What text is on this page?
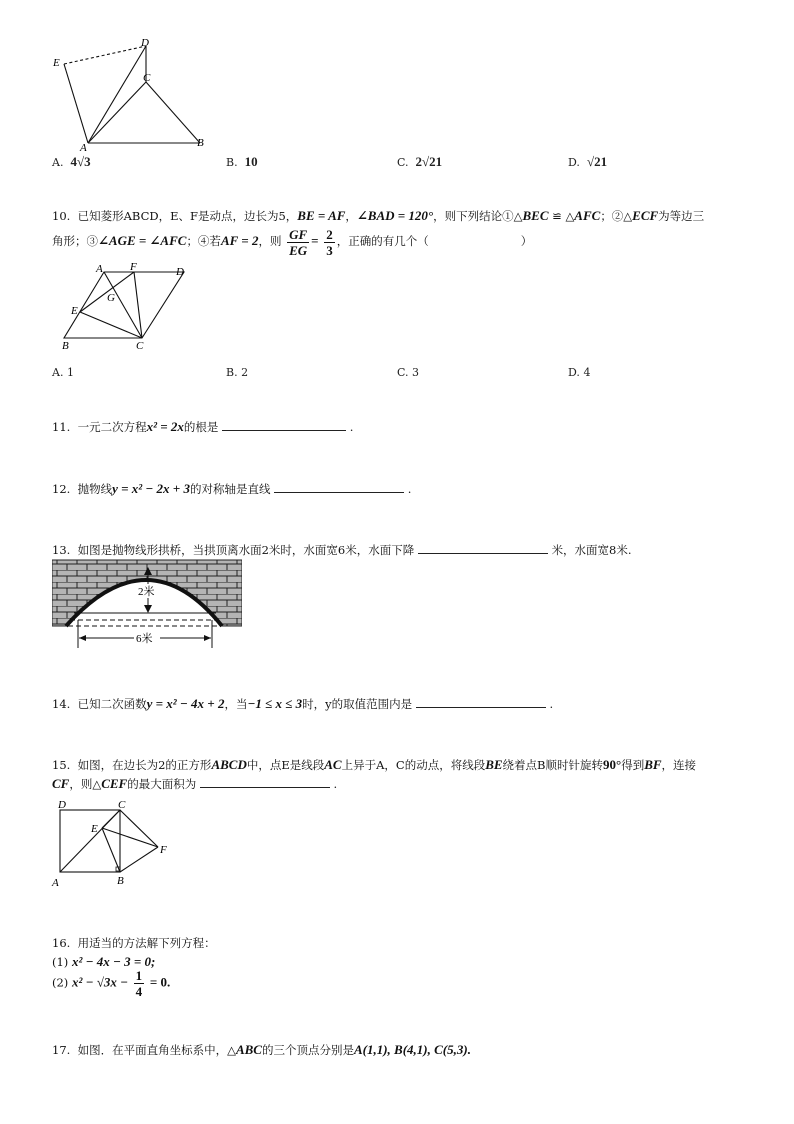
E
D
C
A	B
A. 4√3	B. 10	C. 2√21	D. √21
10. 已知菱形ABCD，E、F是动点，边长为5，BE = AF，∠BAD = 120°，则下列结论①△BEC ≌ △AFC；②△ECF为等边三
角形；③∠AGE = ∠AFC；④若AF = 2，则 $\frac{GF}{EG} = \frac{2}{3}$ ，正确的有几个（	）
A F	D
G
E
B	C
A. 1	B. 2	C. 3	D. 4
11. 一元二次方程x² = 2x的根是	.
12. 抛物线y = x² − 2x + 3的对称轴是直线	.
13. 如图是抛物线形拱桥，当拱顶离水面2米时，水面宽6米，水面下降	米，水面宽8米.
2米
6米
14. 已知二次函数y = x² − 4x + 2，当−1 ≤ x ≤ 3时，y的取值范围内是	.
15. 如图，在边长为2的正方形ABCD中，点E是线段AC上异于A，C的动点，将线段BE绕着点B顺时针旋转90°得到BF，连接
CF，则△CEF的最大面积为	.
D	C
E
F
A	B
16. 用适当的方法解下列方程：
(1) x² − 4x − 3 = 0;
(2) $x^2 - √3x - \frac{1}{4} = 0$.
17. 如图．在平面直角坐标系中，△ABC的三个顶点分别是A(1,1), B(4,1), C(5,3).
